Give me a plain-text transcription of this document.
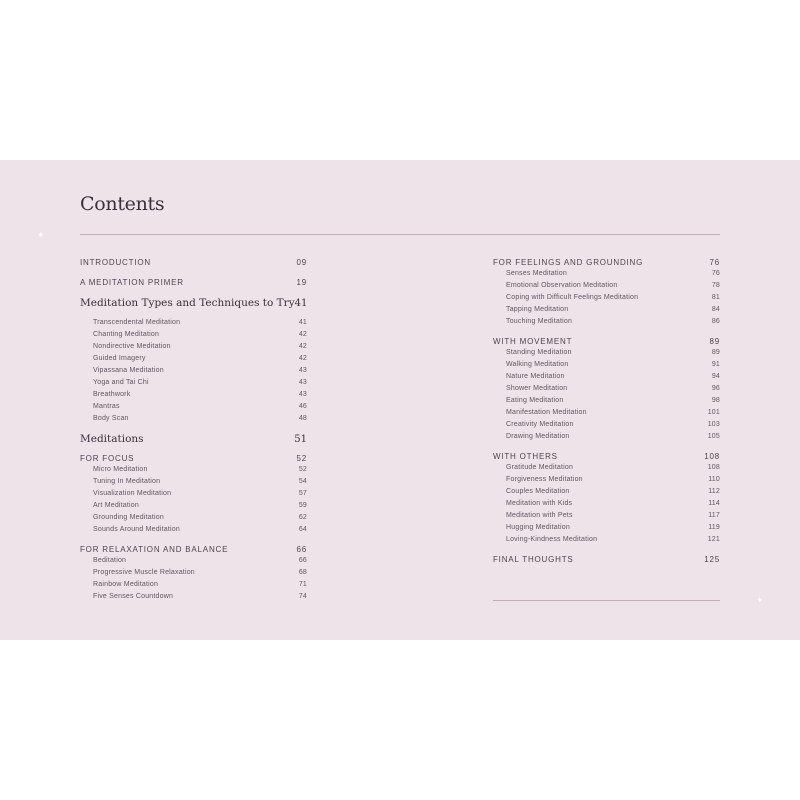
Contents
✦
✦
INTRODUCTION	09
A MEDITATION PRIMER	19
Meditation Types and Techniques to Try 41
Transcendental Meditation	41
Chanting Meditation	42
Nondirective Meditation	42
Guided Imagery	42
Vipassana Meditation	43
Yoga and Tai Chi	43
Breathwork	43
Mantras	46
Body Scan	48
Meditations	51
FOR FOCUS	52
Micro Meditation	52
Tuning In Meditation	54
Visualization Meditation	57
Art Meditation	59
Grounding Meditation	62
Sounds Around Meditation	64
FOR RELAXATION AND BALANCE	66
Beditation	66
Progressive Muscle Relaxation	68
Rainbow Meditation	71
Five Senses Countdown	74
FOR FEELINGS AND GROUNDING	76
Senses Meditation	76
Emotional Observation Meditation	78
Coping with Difficult Feelings Meditation	81
Tapping Meditation	84
Touching Meditation	86
WITH MOVEMENT	89
Standing Meditation	89
Walking Meditation	91
Nature Meditation	94
Shower Meditation	96
Eating Meditation	98
Manifestation Meditation	101
Creativity Meditation	103
Drawing Meditation	105
WITH OTHERS	108
Gratitude Meditation	108
Forgiveness Meditation	110
Couples Meditation	112
Meditation with Kids	114
Meditation with Pets	117
Hugging Meditation	119
Loving-Kindness Meditation	121
FINAL THOUGHTS	125
